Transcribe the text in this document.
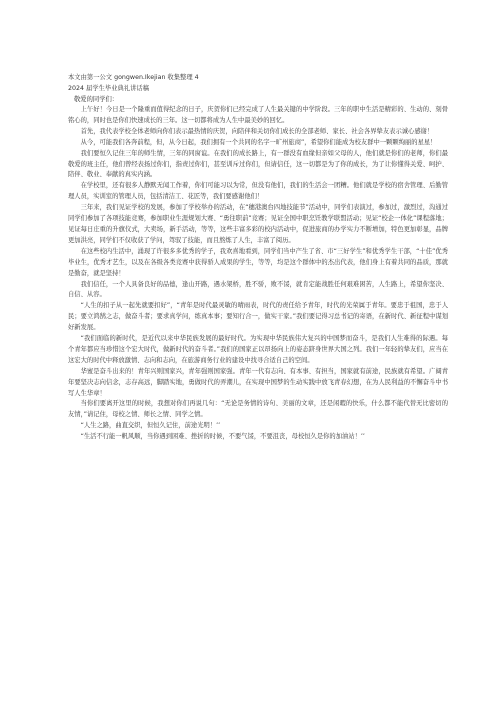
本文由第一公文 gongwen.Ikejian 收集整理 4

2024 届学生毕业典礼讲话稿

敬爱的同学们：

上午好！今日是一个隆重而值得纪念的日子，庆贺你们已经完成了人生最关键的中学阶段。三年的职中生活是精彩的、生动的、刻骨铭心的，同时也是你们快速成长的三年。这一切都将成为人生中最美妙的回忆。

首先，我代表学校全体老师向你们表示最热情的庆贺，向陪伴和关切你们成长的全部老师、家长、社会各界挚友表示诚心感谢！

从今，可能我们各奔前程，但，从今日起，我们拥有一个共同的名字一旷州旅商”，希望你们能成为校友群中一颗颗绚丽的星星！

我们要恒久记住三年的师生情，三年的同窗谊。在我们的成长路上，有一群没有血缘但亲如父母的人，他们就是你们的老师，你们最敬爱的班主任，他们曾经表扬过你们，指责过你们，甚至训斥过你们，但请信任，这一切都是为了你的成长，为了让你懂得关爱、呵护、陪伴、敬业、奉献的真实内涵。

在学校里，还有很多人静默无闻工作着，你们可能习以为常，但没有他们，我们的生活会一团糟。他们就是学校的宿舍管理、后勤管理人员，实训室的管理人员，包括清洁工、花匠等，我们要感谢他们！

三年来，我们见证学校的发展，参加了学校举办的活动，在“穗港澳台四地技能节”活动中，同学们表演过，参加过，激烈过，沟通过 同学们参加了各项技能竞赛，参加职业生涯规划大赛、“勇往职前”竞赛；见证全国中职烹饪教学联盟活动；见证“校企一体化”课程落地；见证每日庄重的升旗仪式，大卖场，新手活动，等等，这些丰富多彩的校内活动中，促进旅商的办学实力不断增加，特色更加彰显，品牌更加洪亮，同学们不仅收获了学问，驾驭了技能，而且熬炼了人生，丰富了阅历。

在这些校内生活中，涌现了许很多多优秀的学子，我欢喜地看到，同学们当中产生了省、市“三好学生”和优秀学生干部，“十佳”优秀毕业生，优秀才艺生，以及在各级各类竞赛中获得骄人成果的学生，等等，均是这个群体中的杰出代表，他们身上有着共同的品质，那就是勤奋，就是坚持！

我们信任，一个人具备良好的品德，逢山开路，遇水架桥，胜不骄，败不馁，就肯定能战胜任何艰难困苦，人生路上，希望你坚决、自信、从容。

“人生的扣子从一起先就要扣好”，“青年是时代最灵敏的晴雨表，时代的责任给予青年，时代的光荣属于青年。要忠于祖国，忠于人民；要立鸿鹄之志，做奋斗者；要求真学问，练真本事；要知行合一，做实干家。”我们要记得习总书记的寄语，在新时代、新征程中谋划好新发展。

“我们面临的新时代，是近代以来中华民族发展的最好时代。为实现中华民族伟大复兴的中国梦而奋斗，是我们人生难得的际遇。每个青年都应当珍惜这个宏大时代，做新时代的奋斗者。”我们的国家正以昂扬向上的姿态跻身世界大国之列。我们一年轻的挚友们，应当在这宏大的时代中释放激情、志向和志向，在旅游商务行业的建设中找寻合适自己的空间。

华蜜是奋斗出来的！青年兴则国家兴，青年强则国家强。青年一代有志向、有本事、有担当，国家就有前途，民族就有希望。广阔青年要坚决志向信念，志存高远，脚踏实地，勇做时代的弄潮儿，在实现中国梦的生动实践中放飞青春幻想，在为人民利益的不懈奋斗中书写人生华章！

当你们要离开这里的时候，我想对你们再说几句：“无论是务情的诗句、美丽的文章，还是闲暇的快乐，什么都不能代替无比密切的友情，”请记住，母校之情、师长之情、同学之情。

“人生之路，曲直交织，但恒久记住，前途光明！’’

“生活不行能一帆风顺，当你遇到困难、挫折的时候，不要气馁，不要沮丧，母校恒久是你的加油站！’’
